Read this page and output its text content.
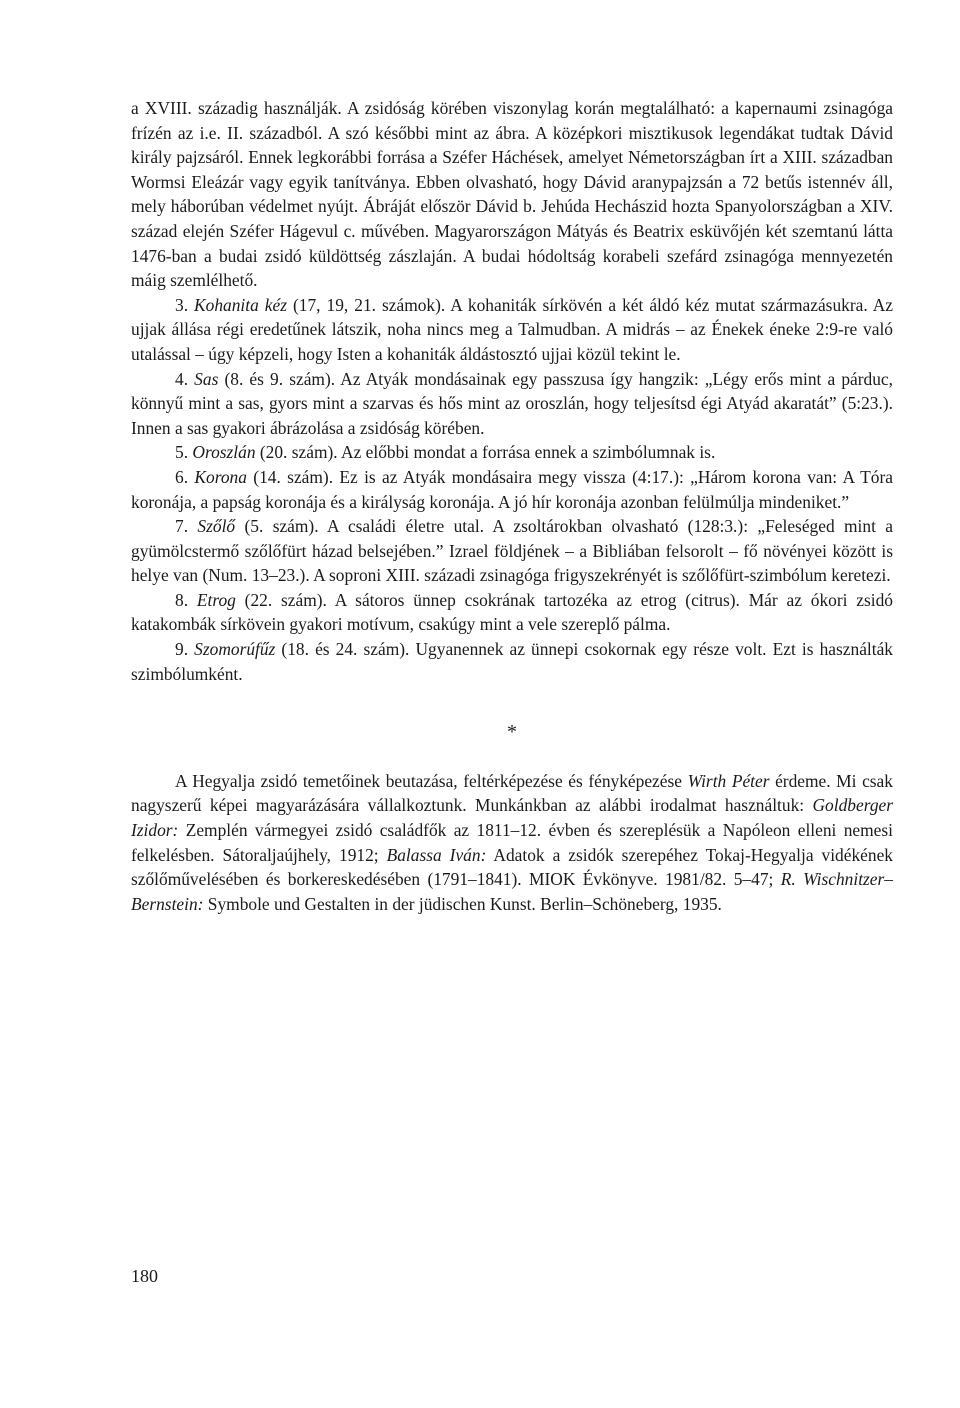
a XVIII. századig használják. A zsidóság körében viszonylag korán megtalálható: a kapernaumi zsinagóga frízén az i.e. II. századból. A szó későbbi mint az ábra. A középkori misztikusok legendákat tudtak Dávid király pajzsáról. Ennek legkorábbi forrása a Széfer Háchések, amelyet Németországban írt a XIII. században Wormsi Eleázár vagy egyik tanítványa. Ebben olvasható, hogy Dávid aranypajzsán a 72 betűs istennév áll, mely háborúban védelmet nyújt. Ábráját először Dávid b. Jehúda Hechászid hozta Spanyolországban a XIV. század elején Széfer Hágevul c. művében. Magyarországon Mátyás és Beatrix esküvőjén két szemtanú látta 1476-ban a budai zsidó küldöttség zászlaján. A budai hódoltság korabeli szefárd zsinagóga mennyezetén máig szemlélhető.

3. Kohanita kéz (17, 19, 21. számok). A kohaniták sírkövén a két áldó kéz mutat származásukra. Az ujjak állása régi eredetűnek látszik, noha nincs meg a Talmudban. A midrás – az Énekek éneke 2:9-re való utalással – úgy képzeli, hogy Isten a kohaniták áldástosztó ujjai közül tekint le.

4. Sas (8. és 9. szám). Az Atyák mondásainak egy passzusa így hangzik: „Légy erős mint a párduc, könnyű mint a sas, gyors mint a szarvas és hős mint az oroszlán, hogy teljesítsd égi Atyád akaratát” (5:23.). Innen a sas gyakori ábrázolása a zsidóság körében.

5. Oroszlán (20. szám). Az előbbi mondat a forrása ennek a szimbólumnak is.

6. Korona (14. szám). Ez is az Atyák mondásaira megy vissza (4:17.): „Három korona van: A Tóra koronája, a papság koronája és a királyság koronája. A jó hír koronája azonban felülmúlja mindeniket.”

7. Szőlő (5. szám). A családi életre utal. A zsoltárokban olvasható (128:3.): „Feleséged mint a gyümölcstermő szőlőfürt házad belsejében.” Izrael földjének – a Bibliában felsorolt – fő növényei között is helye van (Num. 13–23.). A soproni XIII. századi zsinagóga frigyszekrényét is szőlőfürt-szimbólum keretezi.

8. Etrog (22. szám). A sátoros ünnep csokrának tartozéka az etrog (citrus). Már az ókori zsidó katakombák sírkövein gyakori motívum, csakúgy mint a vele szereplő pálma.

9. Szomorúfűz (18. és 24. szám). Ugyanennek az ünnepi csokornak egy része volt. Ezt is használták szimbólumként.

*

A Hegyalja zsidó temetőinek beutazása, feltérképezése és fényképezése Wirth Péter érdeme. Mi csak nagyszerű képei magyarázására vállalkoztunk. Munkánkban az alábbi irodalmat használtuk: Goldberger Izidor: Zemplén vármegyei zsidó családfők az 1811–12. évben és szereplésük a Napóleon elleni nemesi felkelésben. Sátoraljaújhely, 1912; Balassa Iván: Adatok a zsidók szerepéhez Tokaj-Hegyalja vidékének szőlőművelésében és borkereskedésében (1791–1841). MIOK Évkönyve. 1981/82. 5–47; R. Wischnitzer–Bernstein: Symbole und Gestalten in der jüdischen Kunst. Berlin–Schöneberg, 1935.

180
